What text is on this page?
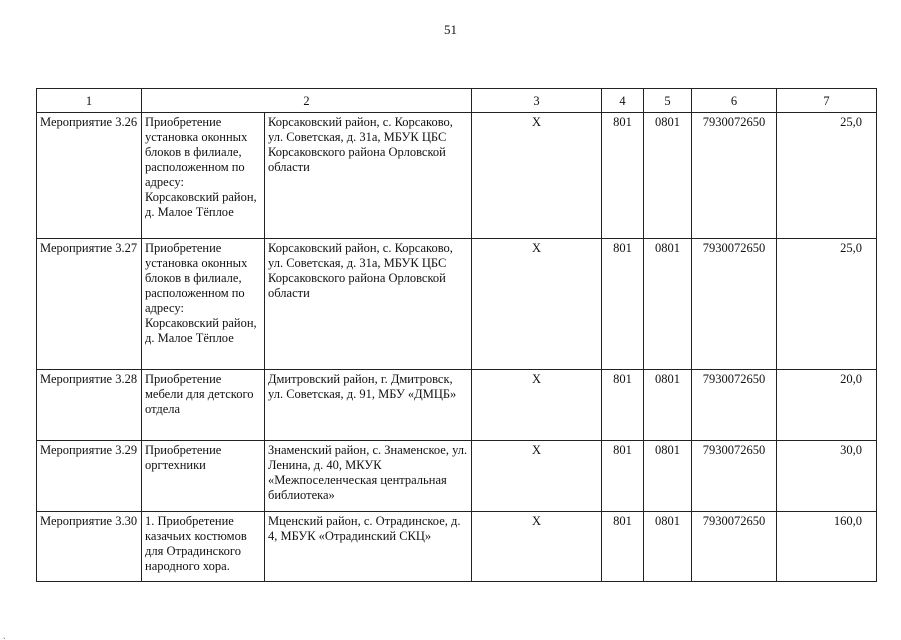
51
1	2		3	4	5	6	7
Мероприятие 3.26	Приобретение установка оконных блоков в филиале, расположенном по адресу: Корсаковский район, д. Малое Тёплое	Корсаковский район, с. Корсаково, ул. Советская, д. 31а, МБУК ЦБС Корсаковского района Орловской области	Х	801	0801	7930072650	25,0
Мероприятие 3.27	Приобретение установка оконных блоков в филиале, расположенном по адресу: Корсаковский район, д. Малое Тёплое	Корсаковский район, с. Корсаково, ул. Советская, д. 31а, МБУК ЦБС Корсаковского района Орловской области	Х	801	0801	7930072650	25,0
Мероприятие 3.28	Приобретение мебели для детского отдела	Дмитровский район, г. Дмитровск, ул. Советская, д. 91, МБУ «ДМЦБ»	Х	801	0801	7930072650	20,0
Мероприятие 3.29	Приобретение оргтехники	Знаменский район, с. Знаменское, ул. Ленина, д. 40, МКУК «Межпоселенческая центральная библиотека»	Х	801	0801	7930072650	30,0
Мероприятие 3.30	1. Приобретение казачьих костюмов для Отрадинского народного хора.	Мценский район, с. Отрадинское, д. 4, МБУК «Отрадинский СКЦ»	Х	801	0801	7930072650	160,0
ˎ
